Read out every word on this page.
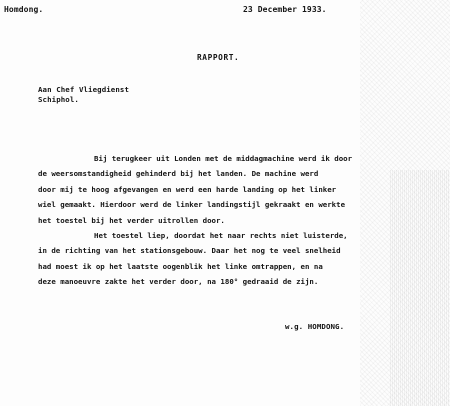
Homdong.	23 December 1933.

RAPPORT.

Aan Chef Vliegdienst

Schiphol.

Bij terugkeer uit Londen met de middagmachine werd ik door
de weersomstandigheid gehinderd bij het landen. De machine werd
door mij te hoog afgevangen en werd een harde landing op het linker
wiel gemaakt. Hierdoor werd de linker landingstijl gekraakt en werkte
het toestel bij het verder uitrollen door.
Het toestel liep, doordat het naar rechts niet luisterde,
in de richting van het stationsgebouw. Daar het nog te veel snelheid
had moest ik op het laatste oogenblik het linke omtrappen, en na
deze manoeuvre zakte het verder door, na 180° gedraaid de zijn.

w.g. HOMDONG.
